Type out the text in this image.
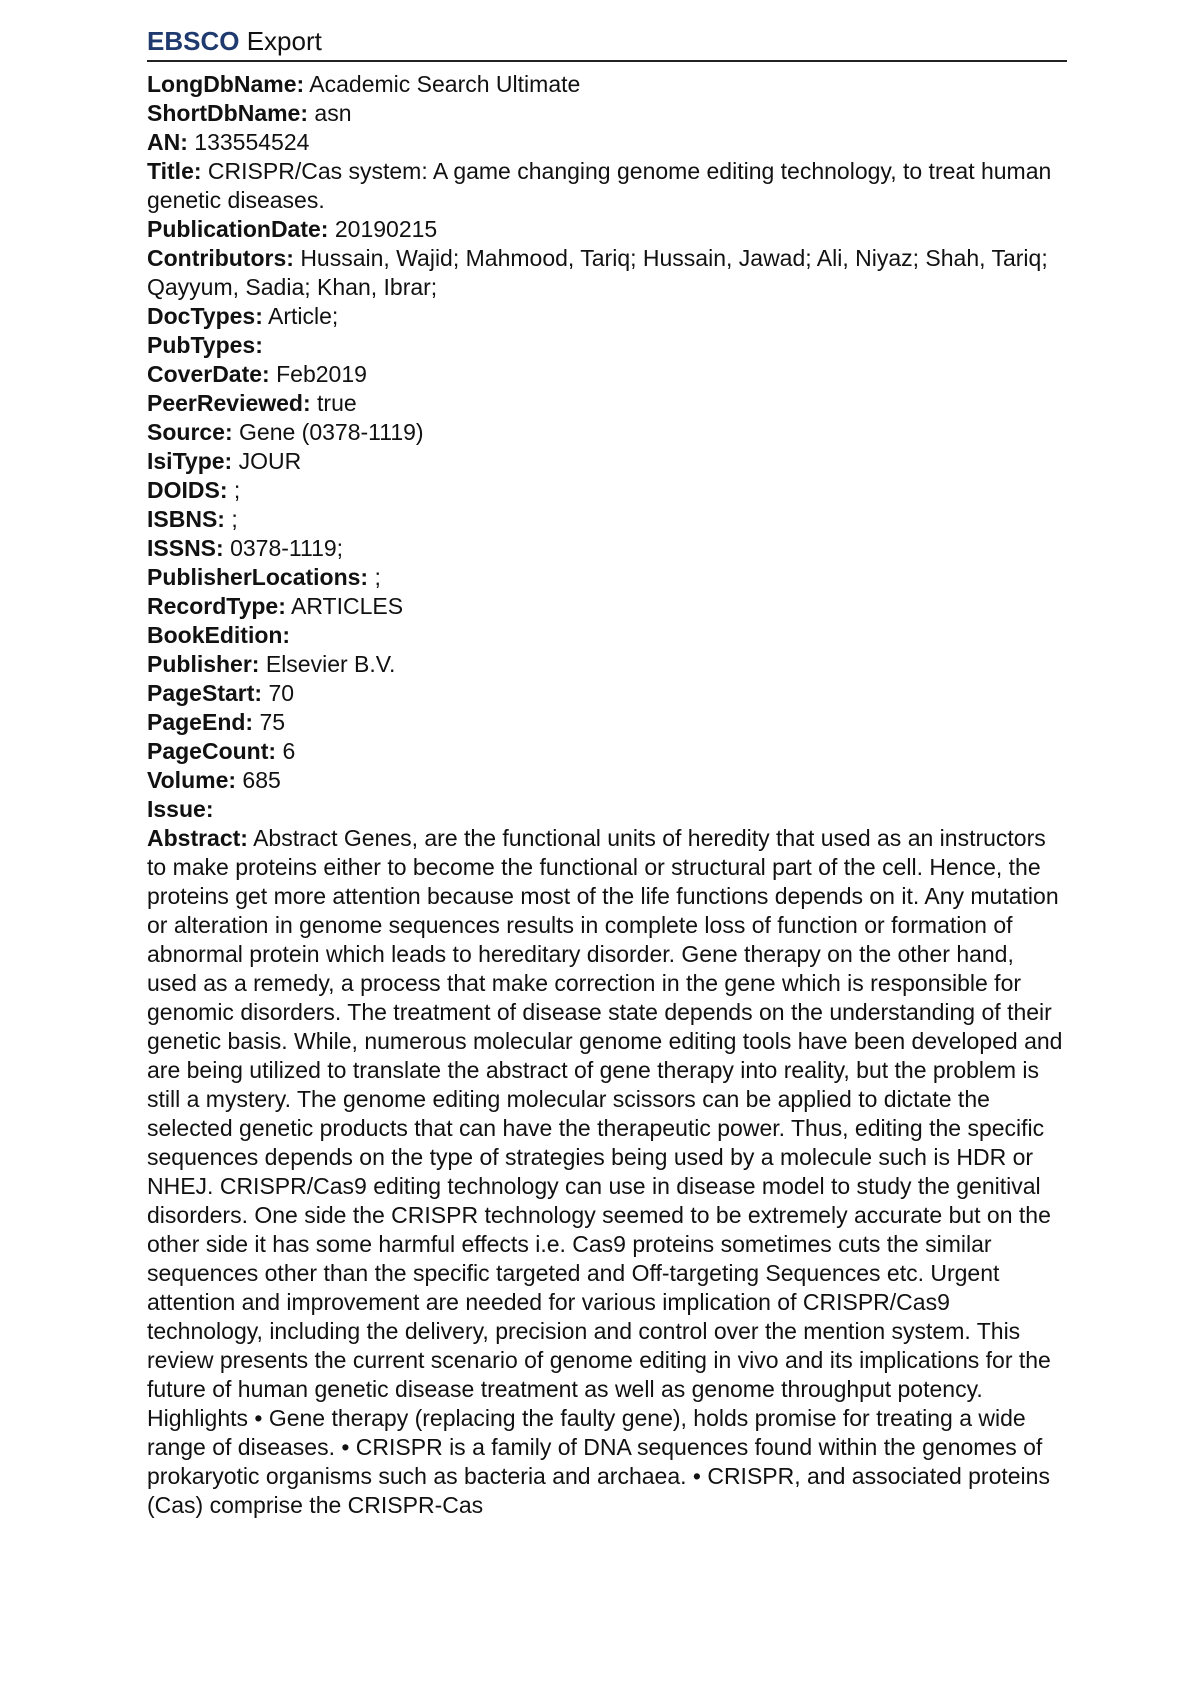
EBSCO Export

LongDbName: Academic Search Ultimate

ShortDbName: asn

AN: 133554524

Title: CRISPR/Cas system: A game changing genome editing technology, to treat human genetic diseases.

PublicationDate: 20190215

Contributors: Hussain, Wajid; Mahmood, Tariq; Hussain, Jawad; Ali, Niyaz; Shah, Tariq; Qayyum, Sadia; Khan, Ibrar;

DocTypes: Article;

PubTypes:

CoverDate: Feb2019

PeerReviewed: true

Source: Gene (0378-1119)

IsiType: JOUR

DOIDS: ;

ISBNS: ;

ISSNS: 0378-1119;

PublisherLocations: ;

RecordType: ARTICLES

BookEdition:

Publisher: Elsevier B.V.

PageStart: 70

PageEnd: 75

PageCount: 6

Volume: 685

Issue:

Abstract: Abstract Genes, are the functional units of heredity that used as an instructors to make proteins either to become the functional or structural part of the cell. Hence, the proteins get more attention because most of the life functions depends on it. Any mutation or alteration in genome sequences results in complete loss of function or formation of abnormal protein which leads to hereditary disorder. Gene therapy on the other hand, used as a remedy, a process that make correction in the gene which is responsible for genomic disorders. The treatment of disease state depends on the understanding of their genetic basis. While, numerous molecular genome editing tools have been developed and are being utilized to translate the abstract of gene therapy into reality, but the problem is still a mystery. The genome editing molecular scissors can be applied to dictate the selected genetic products that can have the therapeutic power. Thus, editing the specific sequences depends on the type of strategies being used by a molecule such is HDR or NHEJ. CRISPR/Cas9 editing technology can use in disease model to study the genitival disorders. One side the CRISPR technology seemed to be extremely accurate but on the other side it has some harmful effects i.e. Cas9 proteins sometimes cuts the similar sequences other than the specific targeted and Off-targeting Sequences etc. Urgent attention and improvement are needed for various implication of CRISPR/Cas9 technology, including the delivery, precision and control over the mention system. This review presents the current scenario of genome editing in vivo and its implications for the future of human genetic disease treatment as well as genome throughput potency. Highlights • Gene therapy (replacing the faulty gene), holds promise for treating a wide range of diseases. • CRISPR is a family of DNA sequences found within the genomes of prokaryotic organisms such as bacteria and archaea. • CRISPR, and associated proteins (Cas) comprise the CRISPR-Cas
